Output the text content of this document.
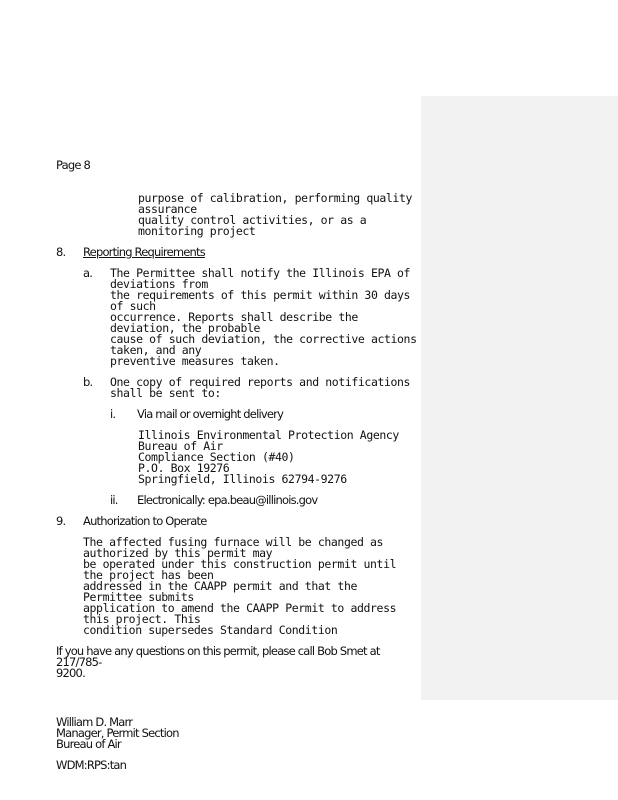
Page 8
purpose of calibration, performing quality assurance
quality control activities, or as a monitoring project
8.	Reporting Requirements
a.	The Permittee shall notify the Illinois EPA of deviations from
the requirements of this permit within 30 days of such
occurrence. Reports shall describe the deviation, the probable
cause of such deviation, the corrective actions taken, and any
preventive measures taken.
b.	One copy of required reports and notifications shall be sent to:
i.	Via mail or overnight delivery
Illinois Environmental Protection Agency
Bureau of Air
Compliance Section (#40)
P.O. Box 19276
Springfield, Illinois 62794-9276
ii.	Electronically: epa.beau@illinois.gov
9.	Authorization to Operate
The affected fusing furnace will be changed as authorized by this permit may
be operated under this construction permit until the project has been
addressed in the CAAPP permit and that the Permittee submits
application to amend the CAAPP Permit to address this project. This
condition supersedes Standard Condition
If you have any questions on this permit, please call Bob Smet at 217/785-
9200.
William D. Marr
Manager, Permit Section
Bureau of Air
WDM:RPS:tan
